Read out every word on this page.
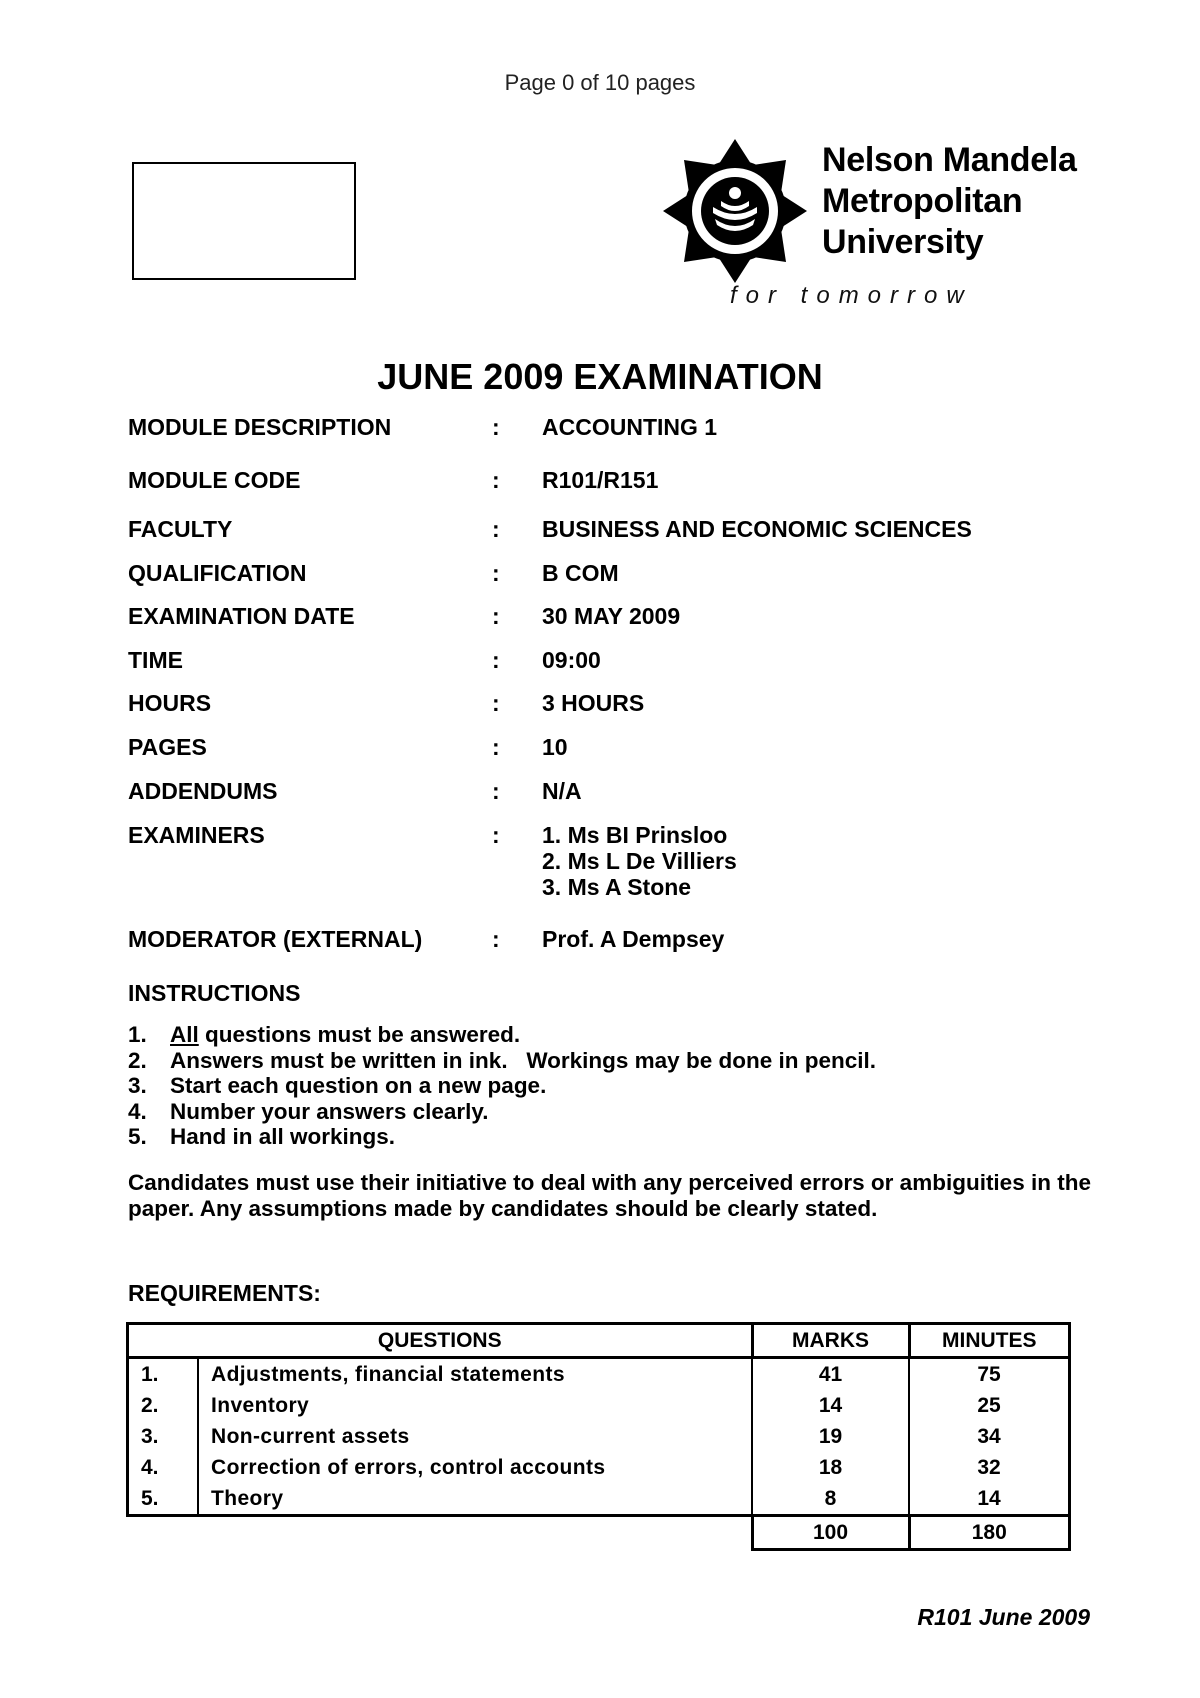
Page 0 of 10 pages
Nelson Mandela
Metropolitan
University
for tomorrow
JUNE 2009 EXAMINATION
MODULE DESCRIPTION	: ACCOUNTING 1
MODULE CODE	: R101/R151
FACULTY	: BUSINESS AND ECONOMIC SCIENCES
QUALIFICATION	: B COM
EXAMINATION DATE	: 30 MAY 2009
TIME	: 09:00
HOURS	: 3 HOURS
PAGES	: 10
ADDENDUMS	: N/A
EXAMINERS	: 1. Ms BI Prinsloo
2. Ms L De Villiers
3. Ms A Stone
MODERATOR (EXTERNAL)	: Prof. A Dempsey
INSTRUCTIONS
1. All questions must be answered.
2. Answers must be written in ink.   Workings may be done in pencil.
3. Start each question on a new page.
4. Number your answers clearly.
5. Hand in all workings.
Candidates must use their initiative to deal with any perceived errors or ambiguities in the paper. Any assumptions made by candidates should be clearly stated.
REQUIREMENTS:
QUESTIONS		MARKS	MINUTES
1.	Adjustments, financial statements	41	75
2.	Inventory	14	25
3.	Non-current assets	19	34
4.	Correction of errors, control accounts	18	32
5.	Theory	8	14
		100	180
R101 June 2009
